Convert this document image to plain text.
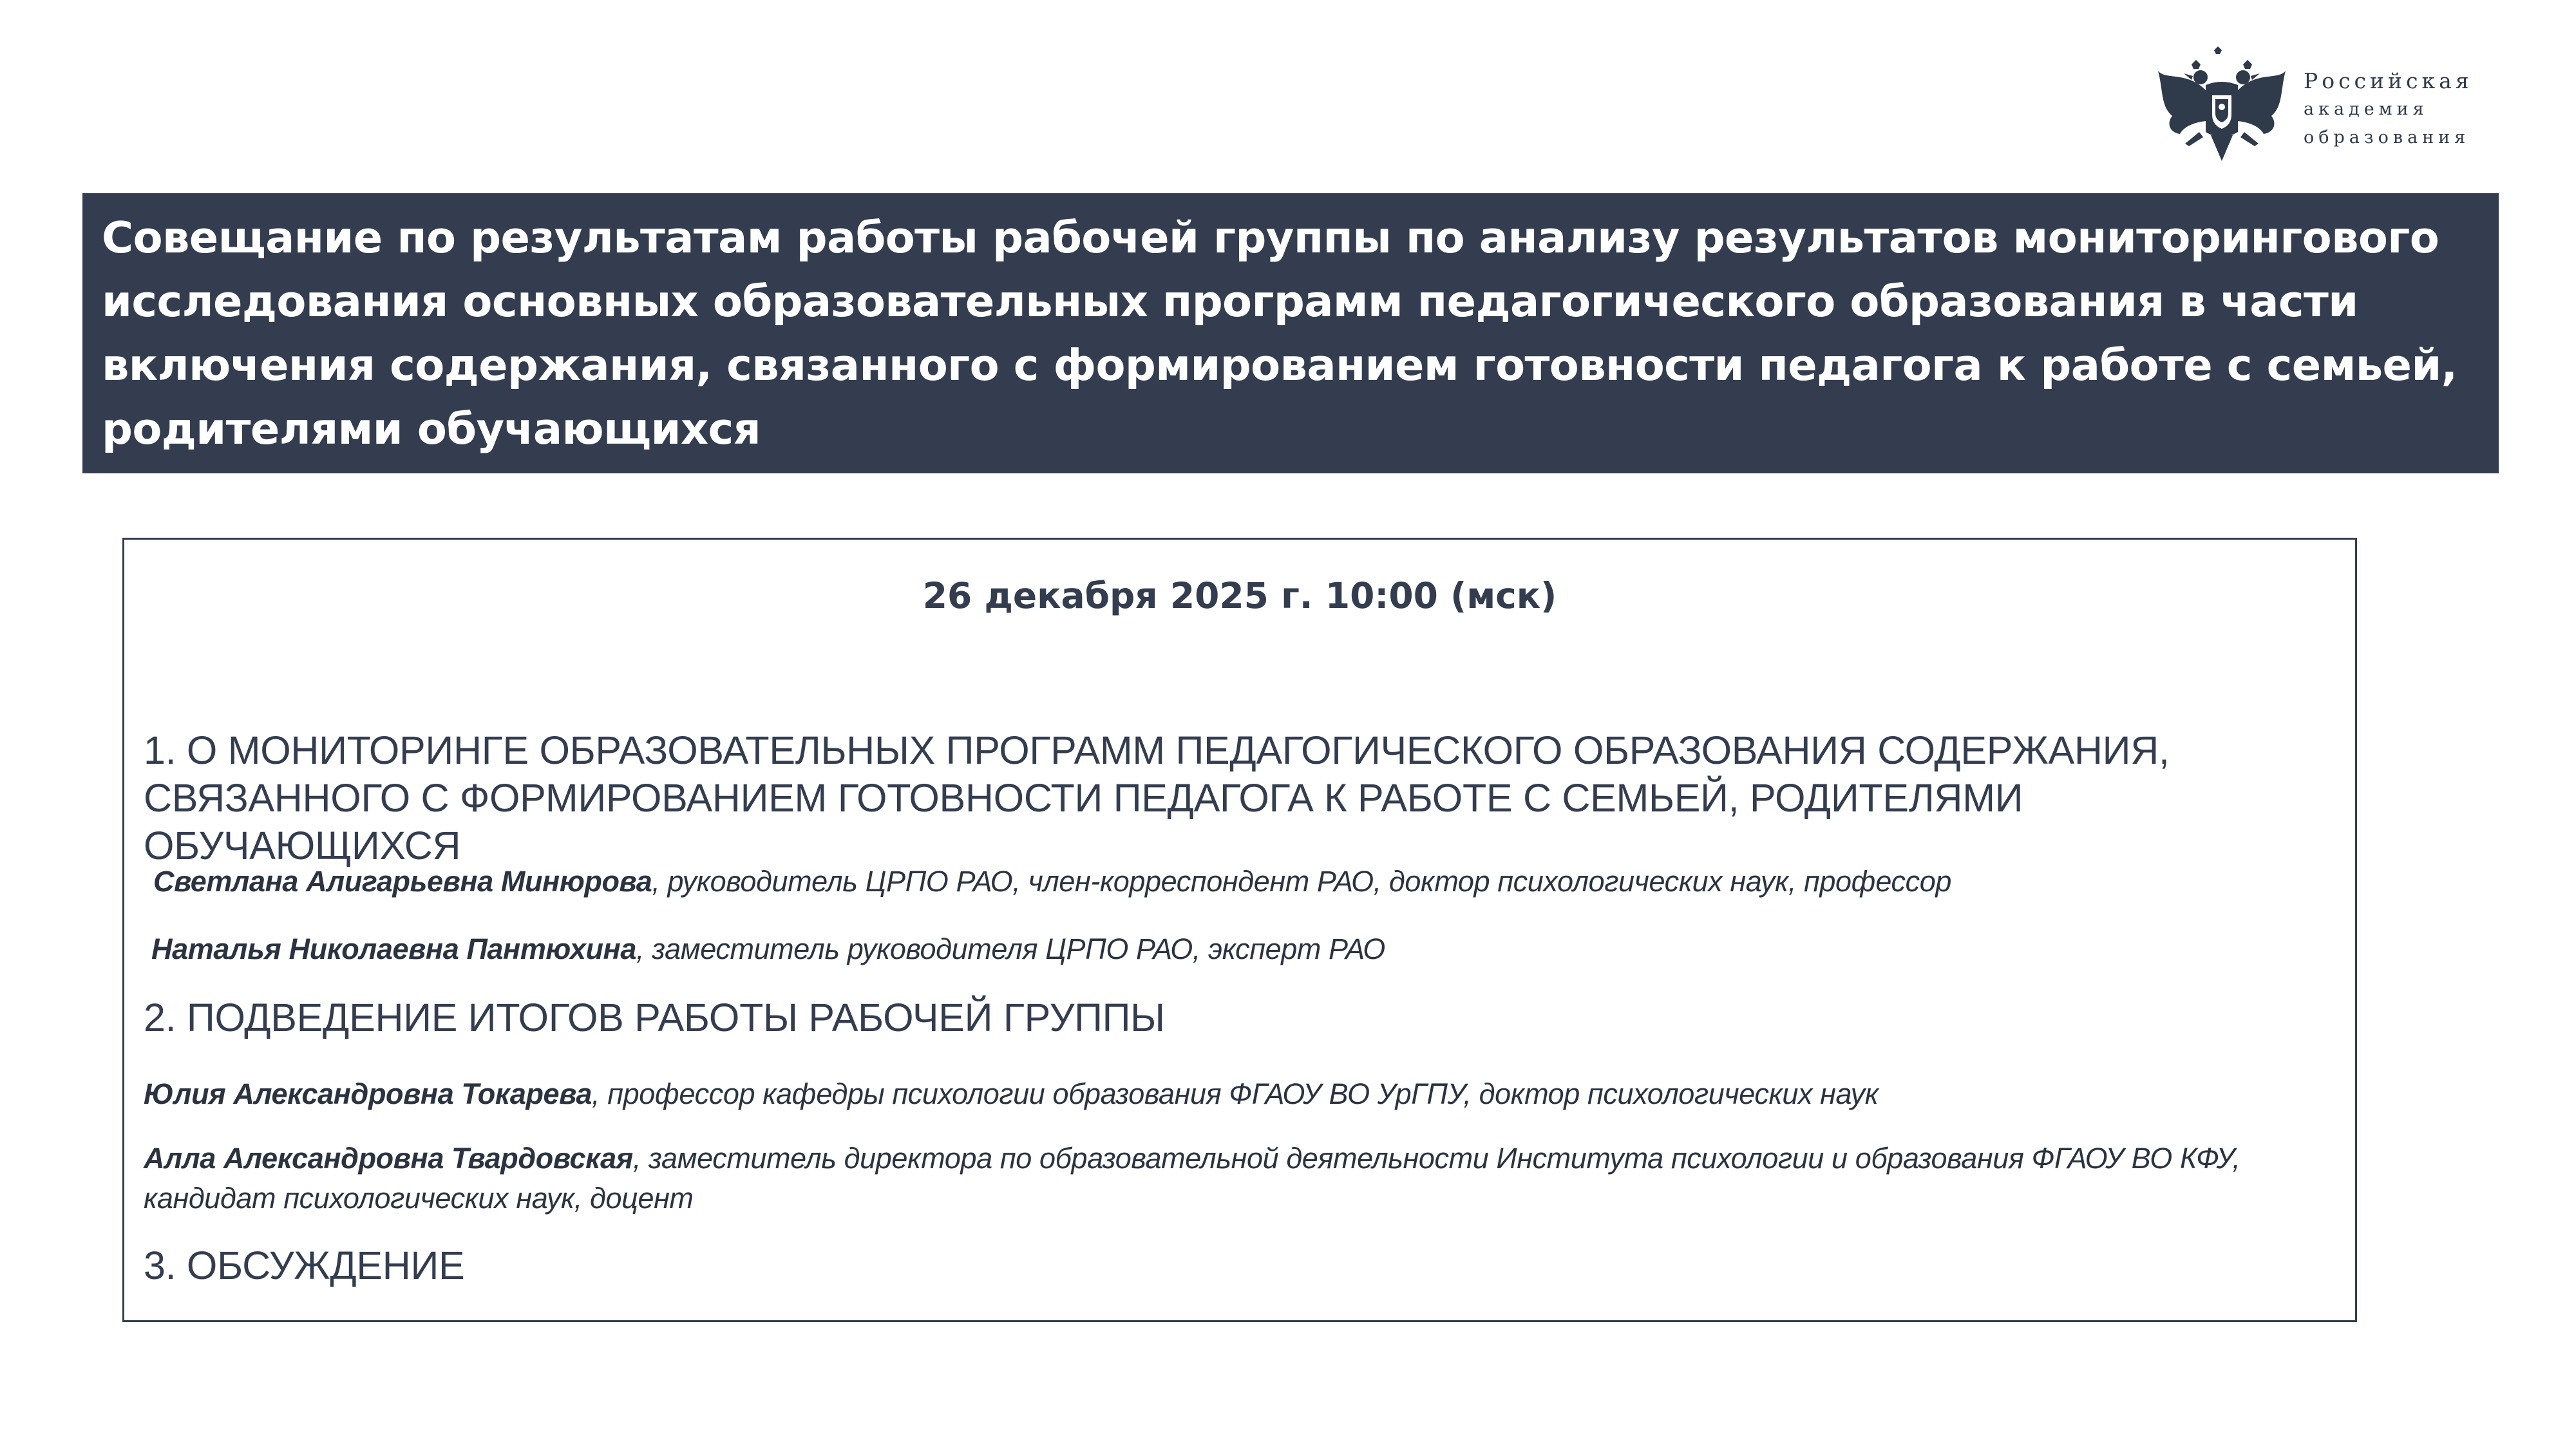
Российская
академия
образования
Совещание по результатам работы рабочей группы по анализу результатов мониторингового исследования основных образовательных программ педагогического образования в части включения содержания, связанного с формированием готовности педагога к работе с семьей, родителями обучающихся
26 декабря 2025 г. 10:00 (мск)
1. О МОНИТОРИНГЕ ОБРАЗОВАТЕЛЬНЫХ ПРОГРАММ ПЕДАГОГИЧЕСКОГО ОБРАЗОВАНИЯ СОДЕРЖАНИЯ, СВЯЗАННОГО С ФОРМИРОВАНИЕМ ГОТОВНОСТИ ПЕДАГОГА К РАБОТЕ С СЕМЬЕЙ, РОДИТЕЛЯМИ ОБУЧАЮЩИХСЯ
Светлана Алигарьевна Минюрова, руководитель ЦРПО РАО, член-корреспондент РАО, доктор психологических наук, профессор
Наталья Николаевна Пантюхина, заместитель руководителя ЦРПО РАО, эксперт РАО
2. ПОДВЕДЕНИЕ ИТОГОВ РАБОТЫ РАБОЧЕЙ ГРУППЫ
Юлия Александровна Токарева, профессор кафедры психологии образования ФГАОУ ВО УрГПУ, доктор психологических наук
Алла Александровна Твардовская, заместитель директора по образовательной деятельности Института психологии и образования ФГАОУ ВО КФУ, кандидат психологических наук, доцент
3. ОБСУЖДЕНИЕ
